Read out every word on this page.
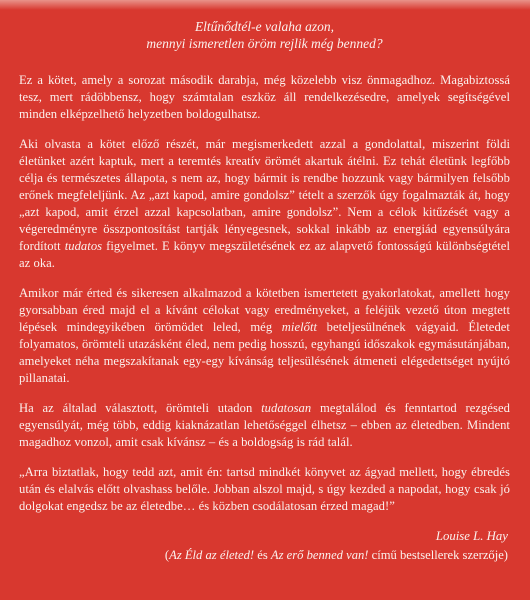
Eltűnődtél-e valaha azon,
mennyi ismeretlen öröm rejlik még benned?

Ez a kötet, amely a sorozat második darabja, még közelebb visz önmagadhoz. Magabiztossá tesz, mert rádöbbensz, hogy számtalan eszköz áll rendelkezésedre, amelyek segítségével minden elképzelhető helyzetben boldogulhatsz.

Aki olvasta a kötet előző részét, már megismerkedett azzal a gondolattal, miszerint földi életünket azért kaptuk, mert a teremtés kreatív örömét akartuk átélni. Ez tehát életünk legfőbb célja és természetes állapota, s nem az, hogy bármit is rendbe hozzunk vagy bármilyen felsőbb erőnek megfeleljünk. Az „azt kapod, amire gondolsz” tételt a szerzők úgy fogalmazták át, hogy „azt kapod, amit érzel azzal kapcsolatban, amire gondolsz”. Nem a célok kitűzését vagy a végeredményre összpontosítást tartják lényegesnek, sokkal inkább az energiád egyensúlyára fordított tudatos figyelmet. E könyv megszületésének ez az alapvető fontosságú különbségtétel az oka.

Amikor már érted és sikeresen alkalmazod a kötetben ismertetett gyakorlatokat, amellett hogy gyorsabban éred majd el a kívánt célokat vagy eredményeket, a feléjük vezető úton megtett lépések mindegyikében örömödet leled, még mielőtt beteljesülnének vágyaid. Életedet folyamatos, örömteli utazásként éled, nem pedig hosszú, egyhangú időszakok egymásutánjában, amelyeket néha megszakítanak egy-egy kívánság teljesülésének átmeneti elégedettséget nyújtó pillanatai.

Ha az általad választott, örömteli utadon tudatosan megtalálod és fenntartod rezgésed egyensúlyát, még több, eddig kiaknázatlan lehetőséggel élhetsz – ebben az életedben. Mindent magadhoz vonzol, amit csak kívánsz – és a boldogság is rád talál.

„Arra biztatlak, hogy tedd azt, amit én: tartsd mindkét könyvet az ágyad mellett, hogy ébredés után és elalvás előtt olvashass belőle. Jobban alszol majd, s úgy kezded a napodat, hogy csak jó dolgokat engedsz be az életedbe… és közben csodálatosan érzed magad!”

Louise L. Hay
(Az Éld az életed! és Az erő benned van! című bestsellerek szerzője)
